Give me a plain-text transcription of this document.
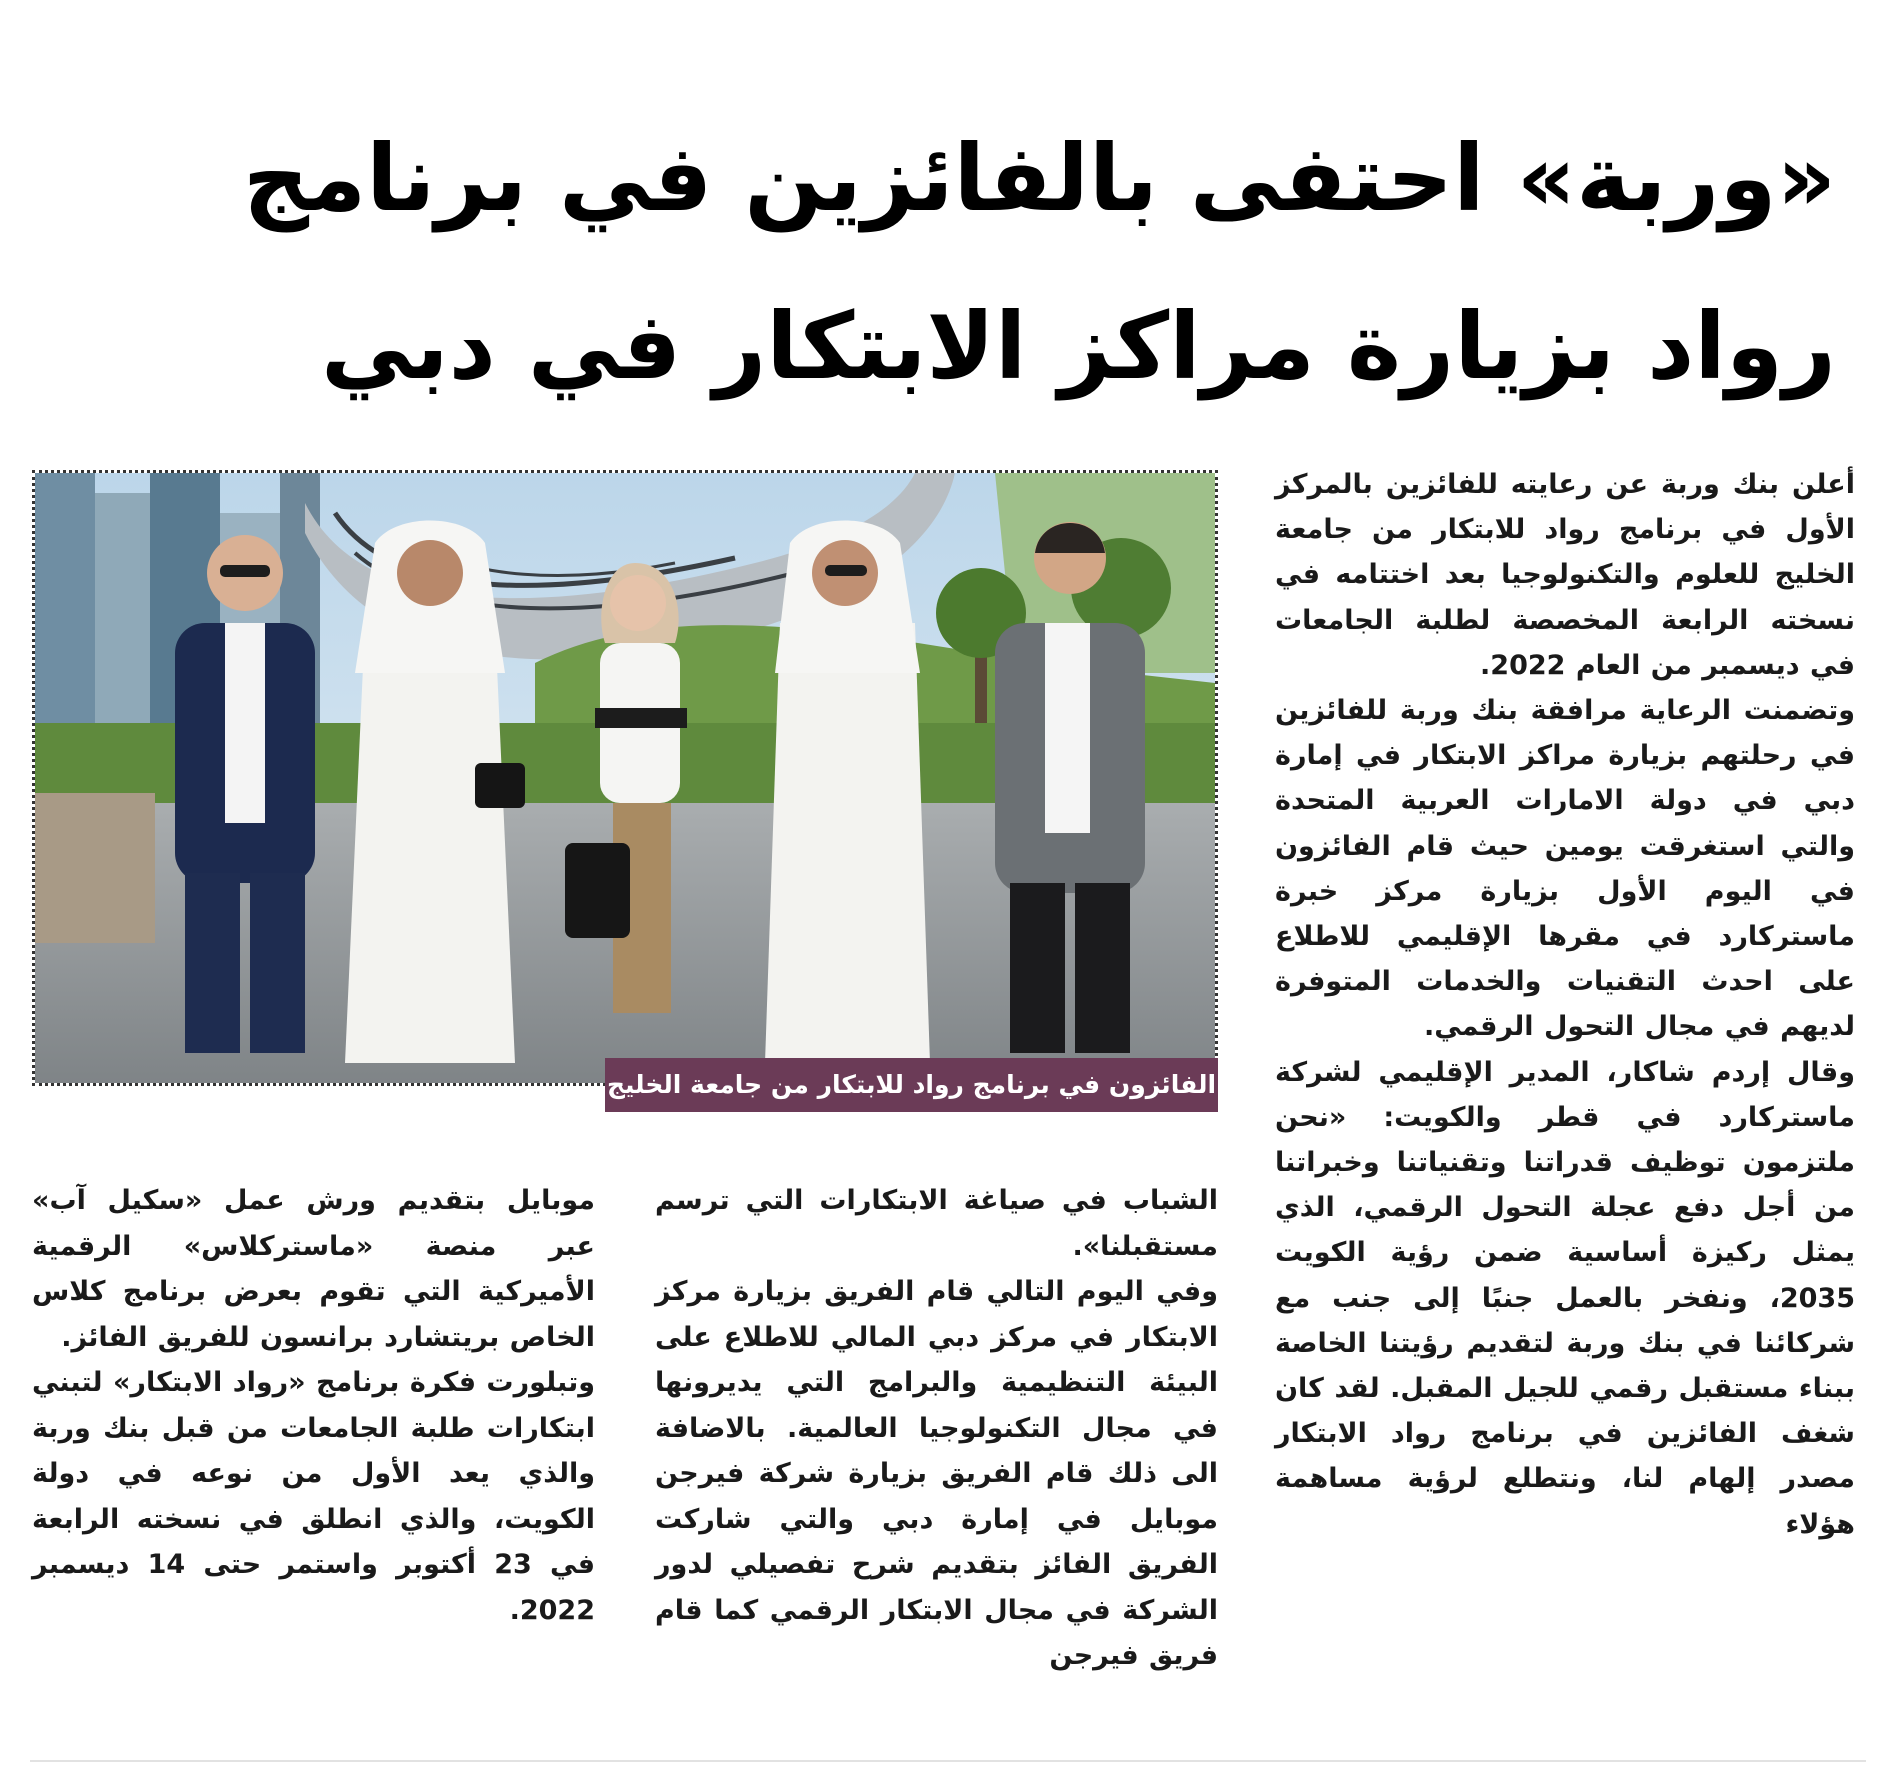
«وربة» احتفى بالفائزين في برنامج رواد بزيارة مراكز الابتكار في دبي
الفائزون في برنامج رواد للابتكار من جامعة الخليج

أعلن بنك وربة عن رعايته للفائزين بالمركز الأول في برنامج رواد للابتكار من جامعة الخليج للعلوم والتكنولوجيا بعد اختتامه في نسخته الرابعة المخصصة لطلبة الجامعات في ديسمبر من العام 2022.

وتضمنت الرعاية مرافقة بنك وربة للفائزين في رحلتهم بزيارة مراكز الابتكار في إمارة دبي في دولة الامارات العربية المتحدة والتي استغرقت يومين حيث قام الفائزون في اليوم الأول بزيارة مركز خبرة ماستركارد في مقرها الإقليمي للاطلاع على احدث التقنيات والخدمات المتوفرة لديهم في مجال التحول الرقمي.

وقال إردم شاكار، المدير الإقليمي لشركة ماستركارد في قطر والكويت: «نحن ملتزمون توظيف قدراتنا وتقنياتنا وخبراتنا من أجل دفع عجلة التحول الرقمي، الذي يمثل ركيزة أساسية ضمن رؤية الكويت 2035، ونفخر بالعمل جنبًا إلى جنب مع شركائنا في بنك وربة لتقديم رؤيتنا الخاصة ببناء مستقبل رقمي للجيل المقبل. لقد كان شغف الفائزين في برنامج رواد الابتكار مصدر إلهام لنا، ونتطلع لرؤية مساهمة هؤلاء

الشباب في صياغة الابتكارات التي ترسم مستقبلنا».

وفي اليوم التالي قام الفريق بزيارة مركز الابتكار في مركز دبي المالي للاطلاع على البيئة التنظيمية والبرامج التي يديرونها في مجال التكنولوجيا العالمية. بالاضافة الى ذلك قام الفريق بزيارة شركة فيرجن موبايل في إمارة دبي والتي شاركت الفريق الفائز بتقديم شرح تفصيلي لدور الشركة في مجال الابتكار الرقمي كما قام فريق فيرجن

موبايل بتقديم ورش عمل «سكيل آب» عبر منصة «ماستركلاس» الرقمية الأميركية التي تقوم بعرض برنامج كلاس الخاص بريتشارد برانسون للفريق الفائز.

وتبلورت فكرة برنامج «رواد الابتكار» لتبني ابتكارات طلبة الجامعات من قبل بنك وربة والذي يعد الأول من نوعه في دولة الكويت، والذي انطلق في نسخته الرابعة في 23 أكتوبر واستمر حتى 14 ديسمبر 2022.
